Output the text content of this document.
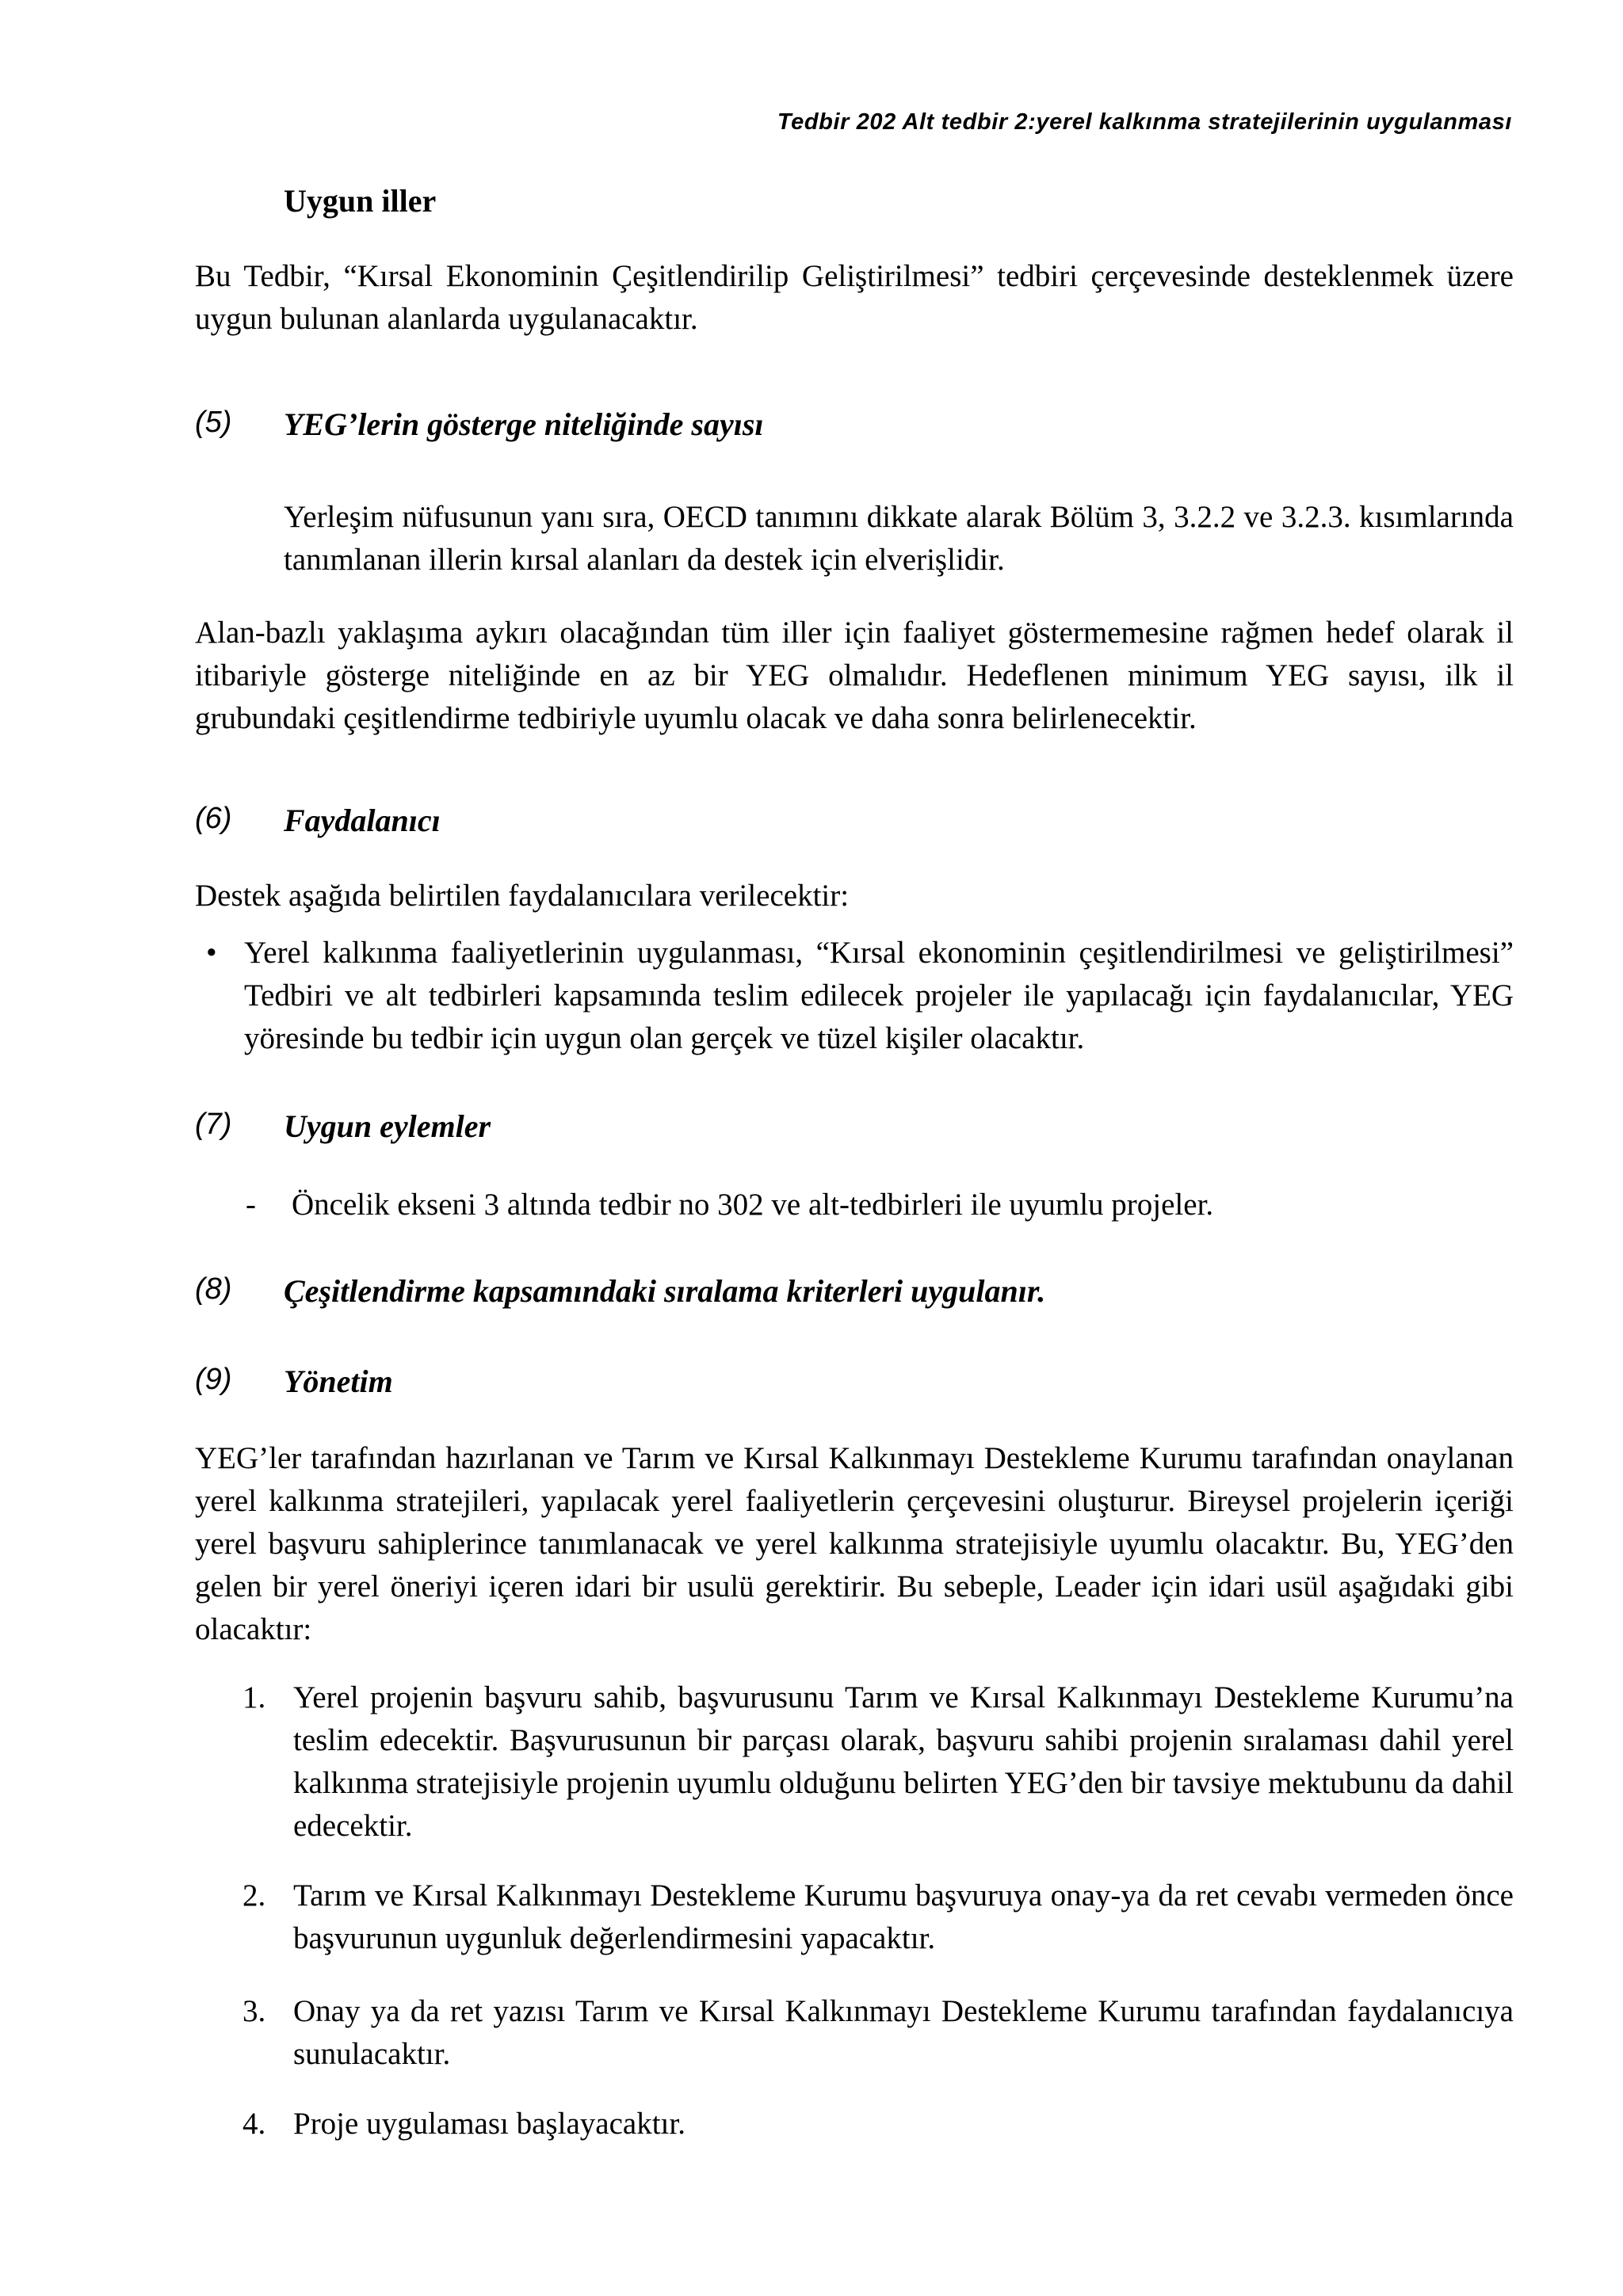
Tedbir 202 Alt tedbir 2:yerel kalkınma stratejilerinin uygulanması
Uygun iller

Bu Tedbir, “Kırsal Ekonominin Çeşitlendirilip Geliştirilmesi” tedbiri çerçevesinde desteklenmek üzere uygun bulunan alanlarda uygulanacaktır.

(5) YEG’lerin gösterge niteliğinde sayısı

Yerleşim nüfusunun yanı sıra, OECD tanımını dikkate alarak Bölüm 3, 3.2.2 ve 3.2.3. kısımlarında tanımlanan illerin kırsal alanları da destek için elverişlidir.

Alan-bazlı yaklaşıma aykırı olacağından tüm iller için faaliyet göstermemesine rağmen hedef olarak il itibariyle gösterge niteliğinde en az bir YEG olmalıdır. Hedeflenen minimum YEG sayısı, ilk il grubundaki çeşitlendirme tedbiriyle uyumlu olacak ve daha sonra belirlenecektir.

(6) Faydalanıcı

Destek aşağıda belirtilen faydalanıcılara verilecektir:

• Yerel kalkınma faaliyetlerinin uygulanması, “Kırsal ekonominin çeşitlendirilmesi ve geliştirilmesi” Tedbiri ve alt tedbirleri kapsamında teslim edilecek projeler ile yapılacağı için faydalanıcılar, YEG yöresinde bu tedbir için uygun olan gerçek ve tüzel kişiler olacaktır.

(7) Uygun eylemler
- Öncelik ekseni 3 altında tedbir no 302 ve alt-tedbirleri ile uyumlu projeler.
(8) Çeşitlendirme kapsamındaki sıralama kriterleri uygulanır.
(9) Yönetim

YEG’ler tarafından hazırlanan ve Tarım ve Kırsal Kalkınmayı Destekleme Kurumu tarafından onaylanan yerel kalkınma stratejileri, yapılacak yerel faaliyetlerin çerçevesini oluşturur. Bireysel projelerin içeriği yerel başvuru sahiplerince tanımlanacak ve yerel kalkınma stratejisiyle uyumlu olacaktır. Bu, YEG’den gelen bir yerel öneriyi içeren idari bir usulü gerektirir. Bu sebeple, Leader için idari usül aşağıdaki gibi olacaktır:

1. Yerel projenin başvuru sahib, başvurusunu Tarım ve Kırsal Kalkınmayı Destekleme Kurumu’na teslim edecektir. Başvurusunun bir parçası olarak, başvuru sahibi projenin sıralaması dahil yerel kalkınma stratejisiyle projenin uyumlu olduğunu belirten YEG’den bir tavsiye mektubunu da dahil edecektir.

2. Tarım ve Kırsal Kalkınmayı Destekleme Kurumu başvuruya onay-ya da ret cevabı vermeden önce başvurunun uygunluk değerlendirmesini yapacaktır.

3. Onay ya da ret yazısı Tarım ve Kırsal Kalkınmayı Destekleme Kurumu tarafından faydalanıcıya sunulacaktır.

4. Proje uygulaması başlayacaktır.
